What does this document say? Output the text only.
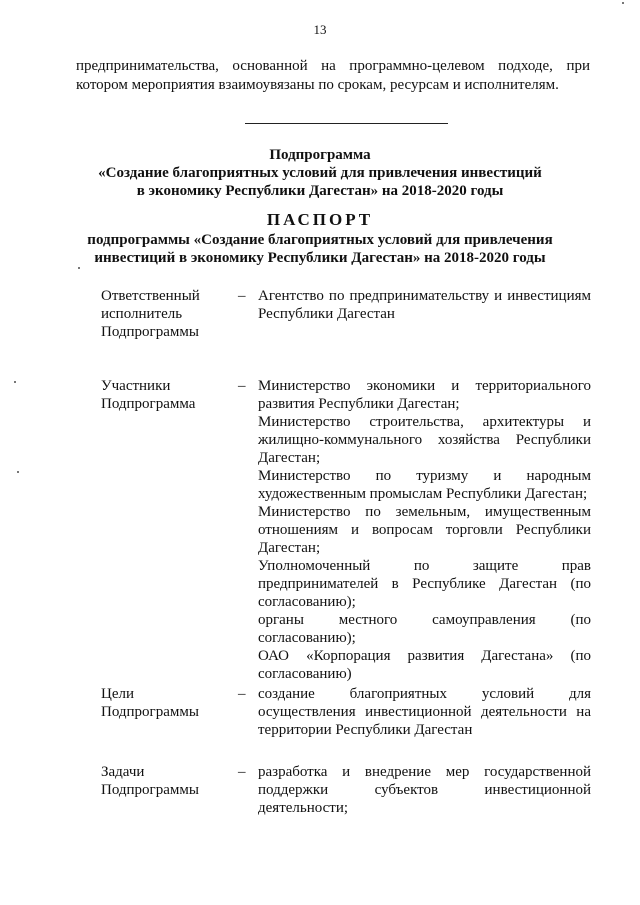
13
предпринимательства, основанной на программно-целевом подходе, при котором мероприятия взаимоувязаны по срокам, ресурсам и исполнителям.
Подпрограмма
«Создание благоприятных условий для привлечения инвестиций
в экономику Республики Дагестан» на 2018-2020 годы
ПАСПОРТ
подпрограммы «Создание благоприятных условий для привлечения
инвестиций в экономику Республики Дагестан» на 2018-2020 годы
Ответственный
исполнитель
Подпрограммы
– Агентство по предпринимательству и инвестициям Республики Дагестан

Участники
Подпрограмма
– Министерство экономики и территориального развития Республики Дагестан;

Министерство строительства, архитектуры и жилищно-коммунального хозяйства Республики Дагестан;

Министерство по туризму и народным художественным промыслам Республики Дагестан;

Министерство по земельным, имущественным отношениям и вопросам торговли Республики Дагестан;

Уполномоченный по защите прав предпринимателей в Республике Дагестан (по согласованию);

органы местного самоуправления (по согласованию);

ОАО «Корпорация развития Дагестана» (по согласованию)

Цели
Подпрограммы
– создание благоприятных условий для осуществления инвестиционной деятельности на территории Республики Дагестан

Задачи
Подпрограммы
– разработка и внедрение мер государственной поддержки субъектов инвестиционной деятельности;
